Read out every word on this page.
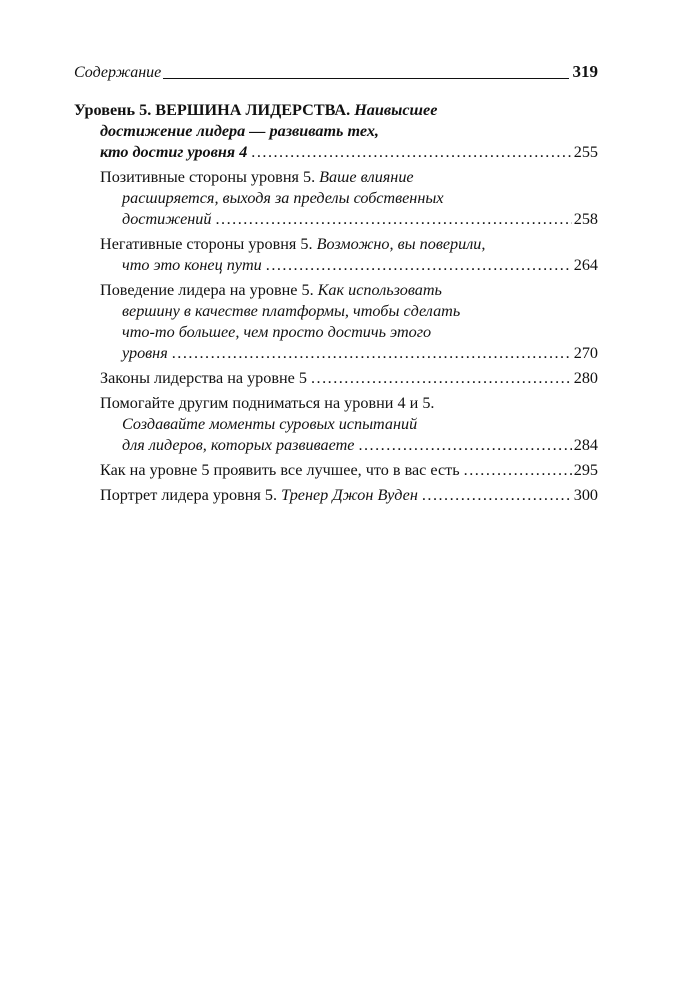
Содержание	319
Уровень 5. ВЕРШИНА ЛИДЕРСТВА.
Наивысшее
достижение лидера — развивать тех,
кто достиг уровня 4 .....	255
Позитивные стороны уровня 5.
Ваше влияние
расширяется, выходя за пределы собственных
достижений .....	258
Негативные стороны уровня 5.
Возможно, вы поверили,
что это конец пути .....	264
Поведение лидера на уровне 5.
Как использовать
вершину в качестве платформы, чтобы сделать
что-то большее, чем просто достичь этого
уровня .....	270
Законы лидерства на уровне 5 .....	280
Помогайте другим подниматься на уровни 4 и 5.
Создавайте моменты суровых испытаний
для лидеров, которых развиваете .....	284
Как на уровне 5 проявить все лучшее, что в вас есть .....	295
Портрет лидера уровня 5.
Тренер Джон Вуден .....	300
